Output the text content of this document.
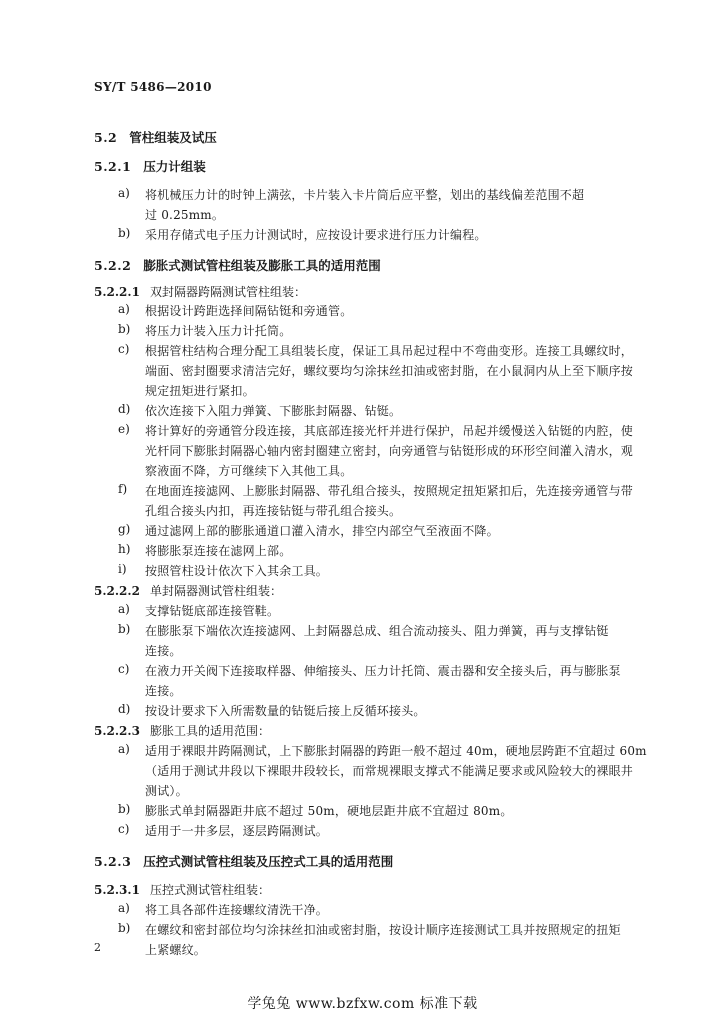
SY/T 5486—2010
5.2 管柱组装及试压
5.2.1 压力计组装
a) 将机械压力计的时钟上满弦，卡片装入卡片筒后应平整，划出的基线偏差范围不超
过 0.25mm。
b) 采用存储式电子压力计测试时，应按设计要求进行压力计编程。
5.2.2 膨胀式测试管柱组装及膨胀工具的适用范围
5.2.2.1 双封隔器跨隔测试管柱组装：
a) 根据设计跨距选择间隔钻铤和旁通管。
b) 将压力计装入压力计托筒。
c) 根据管柱结构合理分配工具组装长度，保证工具吊起过程中不弯曲变形。连接工具螺纹时，
端面、密封圈要求清洁完好，螺纹要均匀涂抹丝扣油或密封脂，在小鼠洞内从上至下顺序按
规定扭矩进行紧扣。
d) 依次连接下入阻力弹簧、下膨胀封隔器、钻铤。
e) 将计算好的旁通管分段连接，其底部连接光杆并进行保护，吊起并缓慢送入钻铤的内腔，使
光杆同下膨胀封隔器心轴内密封圈建立密封，向旁通管与钻铤形成的环形空间灌入清水，观
察液面不降，方可继续下入其他工具。
f) 在地面连接滤网、上膨胀封隔器、带孔组合接头，按照规定扭矩紧扣后，先连接旁通管与带
孔组合接头内扣，再连接钻铤与带孔组合接头。
g) 通过滤网上部的膨胀通道口灌入清水，排空内部空气至液面不降。
h) 将膨胀泵连接在滤网上部。
i) 按照管柱设计依次下入其余工具。
5.2.2.2 单封隔器测试管柱组装：
a) 支撑钻铤底部连接管鞋。
b) 在膨胀泵下端依次连接滤网、上封隔器总成、组合流动接头、阻力弹簧，再与支撑钻铤
连接。
c) 在液力开关阀下连接取样器、伸缩接头、压力计托筒、震击器和安全接头后，再与膨胀泵
连接。
d) 按设计要求下入所需数量的钻铤后接上反循环接头。
5.2.2.3 膨胀工具的适用范围：
a) 适用于裸眼井跨隔测试，上下膨胀封隔器的跨距一般不超过 40m，硬地层跨距不宜超过 60m
（适用于测试井段以下裸眼井段较长，而常规裸眼支撑式不能满足要求或风险较大的裸眼井
测试）。
b) 膨胀式单封隔器距井底不超过 50m，硬地层距井底不宜超过 80m。
c) 适用于一井多层，逐层跨隔测试。
5.2.3 压控式测试管柱组装及压控式工具的适用范围
5.2.3.1 压控式测试管柱组装：
a) 将工具各部件连接螺纹清洗干净。
b) 在螺纹和密封部位均匀涂抹丝扣油或密封脂，按设计顺序连接测试工具并按照规定的扭矩
上紧螺纹。
2
学兔兔 www.bzfxw.com 标准下载
